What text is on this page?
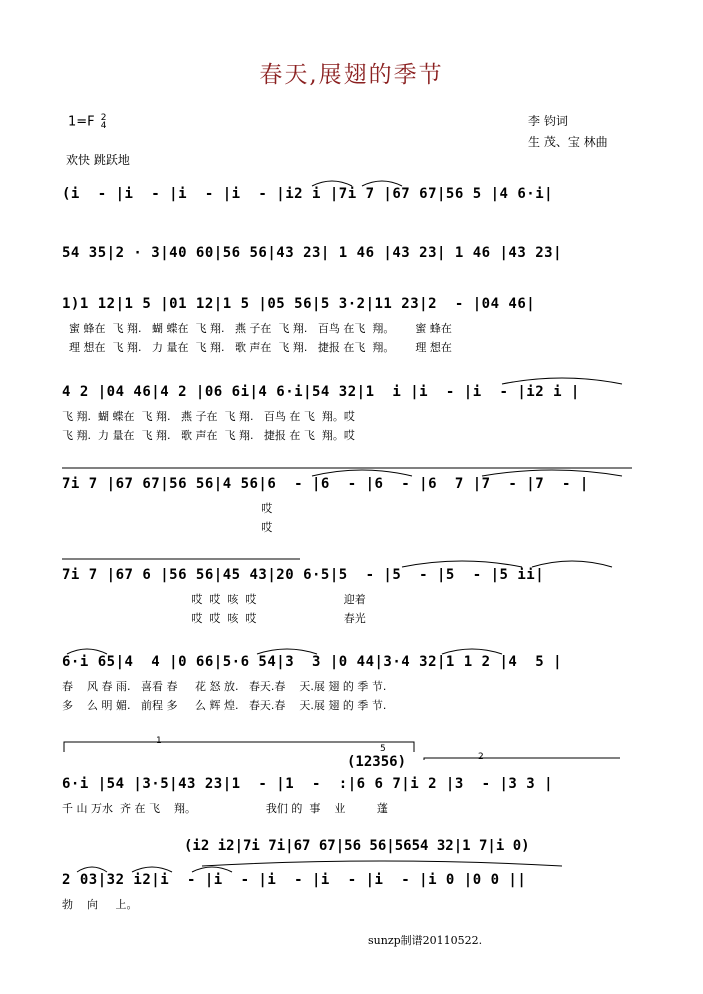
春天,展翅的季节
1=F 2
4	李 钧词
生 茂、宝 林曲
欢快 跳跃地
(i  - |i  - |i  - |i  - |i2 i |7i 7 |67 67|56 5 |4 6·i|
54 35|2 · 3|40 60|56 56|43 23| 1 46 |43 23| 1 46 |43 23|
1)1 12|1 5 |01 12|1 5 |05 56|5 3·2|11 23|2  - |04 46|
蜜 蜂在  飞 翔.   蝴 蝶在  飞 翔.   燕 子在  飞 翔.   百鸟 在飞  翔。      蜜 蜂在
理 想在  飞 翔.   力 量在  飞 翔.   歌 声在  飞 翔.   捷报 在飞  翔。      理 想在
4 2 |04 46|4 2 |06 6i|4 6·i|54 32|1  i |i  - |i  - |i2 i |
飞 翔.  蝴 蝶在  飞 翔.   燕 子在  飞 翔.   百鸟 在 飞  翔。哎
飞 翔.  力 量在  飞 翔.   歌 声在  飞 翔.   捷报 在 飞  翔。哎
7i 7 |67 67|56 56|4 56|6  - |6  - |6  - |6  7 |7  - |7  - |
哎
哎
7i 7 |67 6 |56 56|45 43|20 6·5|5  - |5  - |5  - |5 ii|
哎  哎  咳  哎                         迎着
哎  哎  咳  哎                         春光
6·i 65|4  4 |0 66|5·6 54|3  3 |0 44|3·4 32|1 1 2 |4  5 |
春    风 春 雨.   喜看 春     花 怒 放.   春天.春    天.展 翅 的 季 节.
多    么 明 媚.   前程 多     么 辉 煌.   春天.春    天.展 翅 的 季 节.
1
2
5
(12356)
6·i |54 |3·5|43 23|1  - |1  -  :|6 6 7|i 2 |3  - |3 3 |
千 山 万水  齐 在 飞    翔。                    我们 的  事    业         蓬
(i2 i2|7i 7i|67 67|56 56|5654 32|1 7|i 0)
2 03|32 i2|i  - |i  - |i  - |i  - |i  - |i 0 |0 0 ||
勃    向     上。
sunzp制谱20110522.
